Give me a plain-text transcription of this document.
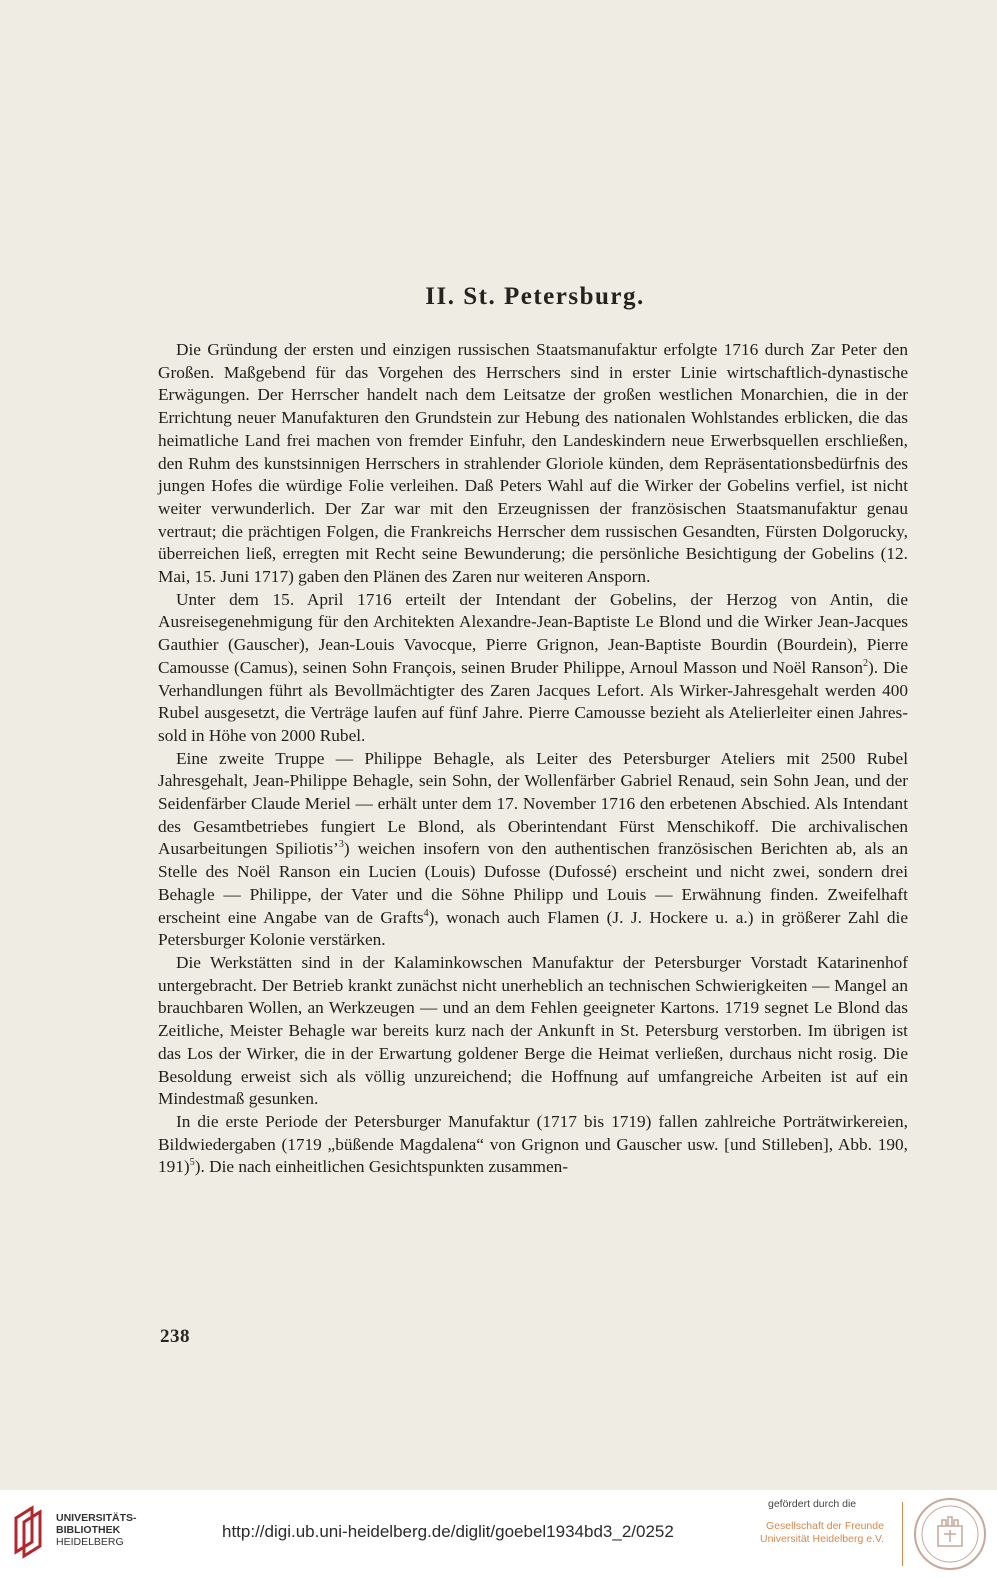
II. St. Petersburg.

Die Gründung der ersten und einzigen russischen Staatsmanufaktur erfolgte 1716 durch Zar Peter den Großen. Maßgebend für das Vorgehen des Herrschers sind in erster Linie wirtschaftlich-dynastische Erwägungen. Der Herrscher handelt nach dem Leitsatze der großen westlichen Monarchien, die in der Errichtung neuer Manufakturen den Grundstein zur Hebung des nationalen Wohlstandes erblicken, die das heimatliche Land frei machen von fremder Einfuhr, den Landeskindern neue Erwerbsquellen erschließen, den Ruhm des kunstsinnigen Herrschers in strahlender Gloriole künden, dem Repräsentationsbedürfnis des jungen Hofes die würdige Folie verleihen. Daß Peters Wahl auf die Wirker der Gobelins verfiel, ist nicht weiter verwunderlich. Der Zar war mit den Erzeugnissen der französischen Staatsmanufaktur genau vertraut; die prächtigen Folgen, die Frankreichs Herrscher dem russischen Gesandten, Fürsten Dolgorucky, überreichen ließ, erregten mit Recht seine Bewunderung; die persönliche Besichtigung der Gobelins (12. Mai, 15. Juni 1717) gaben den Plänen des Zaren nur weiteren Ansporn.

Unter dem 15. April 1716 erteilt der Intendant der Gobelins, der Herzog von Antin, die Ausreisegenehmigung für den Architekten Alexandre-Jean-Baptiste Le Blond und die Wirker Jean-Jacques Gauthier (Gauscher), Jean-Louis Vavocque, Pierre Grignon, Jean-Baptiste Bourdin (Bourdein), Pierre Camousse (Camus), seinen Sohn François, seinen Bruder Philippe, Arnoul Masson und Noël Ranson$^2$). Die Verhandlungen führt als Bevollmächtigter des Zaren Jacques Lefort. Als Wirker-Jahresgehalt werden 400 Rubel ausgesetzt, die Verträge laufen auf fünf Jahre. Pierre Camousse bezieht als Atelierleiter einen Jahressold in Höhe von 2000 Rubel.

Eine zweite Truppe — Philippe Behagle, als Leiter des Petersburger Ateliers mit 2500 Rubel Jahresgehalt, Jean-Philippe Behagle, sein Sohn, der Wollenfärber Gabriel Renaud, sein Sohn Jean, und der Seidenfärber Claude Meriel — erhält unter dem 17. November 1716 den erbetenen Abschied. Als Intendant des Gesamtbetriebes fungiert Le Blond, als Oberintendant Fürst Menschikoff. Die archivalischen Ausarbeitungen Spiliotis’$^3$) weichen insofern von den authentischen französischen Berichten ab, als an Stelle des Noël Ranson ein Lucien (Louis) Dufosse (Dufossé) erscheint und nicht zwei, sondern drei Behagle — Philippe, der Vater und die Söhne Philipp und Louis — Erwähnung finden. Zweifelhaft erscheint eine Angabe van de Grafts$^4$), wonach auch Flamen (J. J. Hockere u. a.) in größerer Zahl die Petersburger Kolonie verstärken.

Die Werkstätten sind in der Kalaminkowschen Manufaktur der Petersburger Vorstadt Katarinenhof untergebracht. Der Betrieb krankt zunächst nicht unerheblich an technischen Schwierigkeiten — Mangel an brauchbaren Wollen, an Werkzeugen — und an dem Fehlen geeigneter Kartons. 1719 segnet Le Blond das Zeitliche, Meister Behagle war bereits kurz nach der Ankunft in St. Petersburg verstorben. Im übrigen ist das Los der Wirker, die in der Erwartung goldener Berge die Heimat verließen, durchaus nicht rosig. Die Besoldung erweist sich als völlig unzureichend; die Hoffnung auf umfangreiche Arbeiten ist auf ein Mindestmaß gesunken.

In die erste Periode der Petersburger Manufaktur (1717 bis 1719) fallen zahlreiche Porträtwirkereien, Bildwiedergaben (1719 „büßende Magdalena“ von Grignon und Gauscher usw. [und Stilleben], Abb. 190, 191)$^5$). Die nach einheitlichen Gesichtspunkten zusammen-

238
UNIVERSITÄTS-
BIBLIOTHEK
HEIDELBERG
http://digi.ub.uni-heidelberg.de/diglit/goebel1934bd3_2/0252
gefördert durch die
Gesellschaft der Freunde
Universität Heidelberg e.V.
